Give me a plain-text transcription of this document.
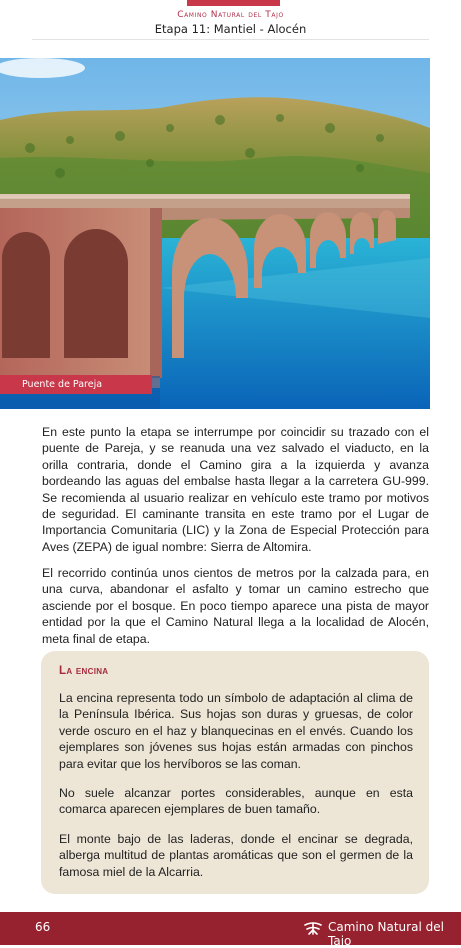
Camino Natural del Tajo
Etapa 11: Mantiel - Alocén
Puente de Pareja

En este punto la etapa se interrumpe por coincidir su trazado con el puente de Pareja, y se reanuda una vez salvado el viaducto, en la orilla contraria, donde el Camino gira a la izquierda y avanza bordeando las aguas del embalse hasta llegar a la carretera GU-999. Se recomienda al usuario realizar en vehículo este tramo por motivos de seguridad. El caminante transita en este tramo por el Lugar de Importancia Comunitaria (LIC) y la Zona de Especial Protección para Aves (ZEPA) de igual nombre: Sierra de Altomira.

El recorrido continúa unos cientos de metros por la calzada para, en una curva, abandonar el asfalto y tomar un camino estrecho que asciende por el bosque. En poco tiempo aparece una pista de mayor entidad por la que el Camino Natural llega a la localidad de Alocén, meta final de etapa.

La encina

La encina representa todo un símbolo de adaptación al clima de la Península Ibérica. Sus hojas son duras y gruesas, de color verde oscuro en el haz y blanquecinas en el envés. Cuando los ejemplares son jóvenes sus hojas están armadas con pinchos para evitar que los hervíboros se las coman.

No suele alcanzar portes considerables, aunque en esta comarca aparecen ejemplares de buen tamaño.

El monte bajo de las laderas, donde el encinar se degrada, alberga multitud de plantas aromáticas que son el germen de la famosa miel de la Alcarria.

66	Camino Natural del Tajo
